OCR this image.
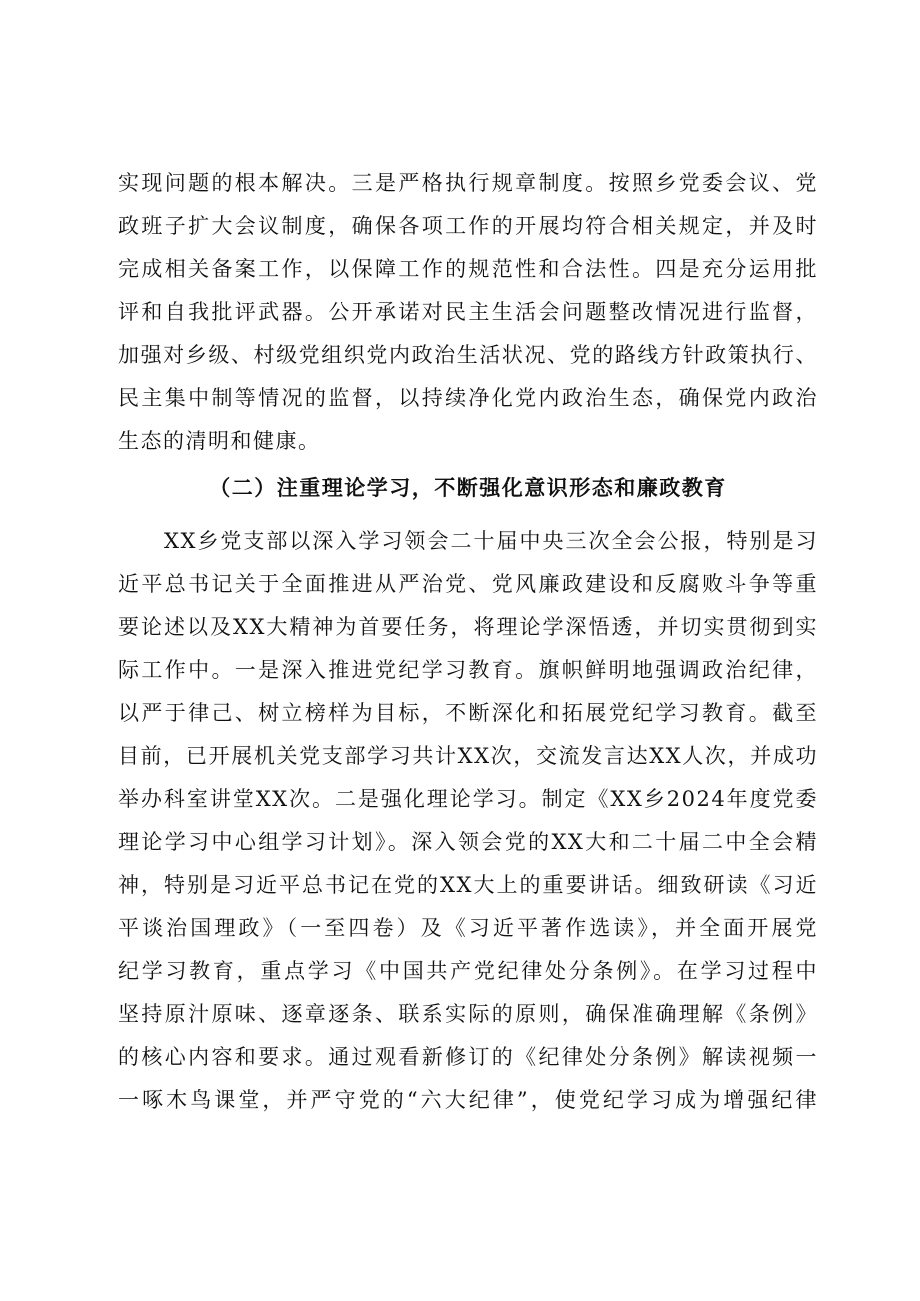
实现问题的根本解决。三是严格执行规章制度。按照乡党委会议、党
政班子扩大会议制度，确保各项工作的开展均符合相关规定，并及时
完成相关备案工作，以保障工作的规范性和合法性。四是充分运用批
评和自我批评武器。公开承诺对民主生活会问题整改情况进行监督，
加强对乡级、村级党组织党内政治生活状况、党的路线方针政策执行、
民主集中制等情况的监督，以持续净化党内政治生态，确保党内政治
生态的清明和健康。
（二）注重理论学习，不断强化意识形态和廉政教育
XX乡党支部以深入学习领会二十届中央三次全会公报，特别是习
近平总书记关于全面推进从严治党、党风廉政建设和反腐败斗争等重
要论述以及XX大精神为首要任务，将理论学深悟透，并切实贯彻到实
际工作中。一是深入推进党纪学习教育。旗帜鲜明地强调政治纪律，
以严于律己、树立榜样为目标，不断深化和拓展党纪学习教育。截至
目前，已开展机关党支部学习共计XX次，交流发言达XX人次，并成功
举办科室讲堂XX次。二是强化理论学习。制定《XX乡2024年度党委
理论学习中心组学习计划》。深入领会党的XX大和二十届二中全会精
神，特别是习近平总书记在党的XX大上的重要讲话。细致研读《习近
平谈治国理政》（一至四卷）及《习近平著作选读》，并全面开展党
纪学习教育，重点学习《中国共产党纪律处分条例》。在学习过程中
坚持原汁原味、逐章逐条、联系实际的原则，确保准确理解《条例》
的核心内容和要求。通过观看新修订的《纪律处分条例》解读视频一
一啄木鸟课堂，并严守党的“六大纪律”，使党纪学习成为增强纪律
